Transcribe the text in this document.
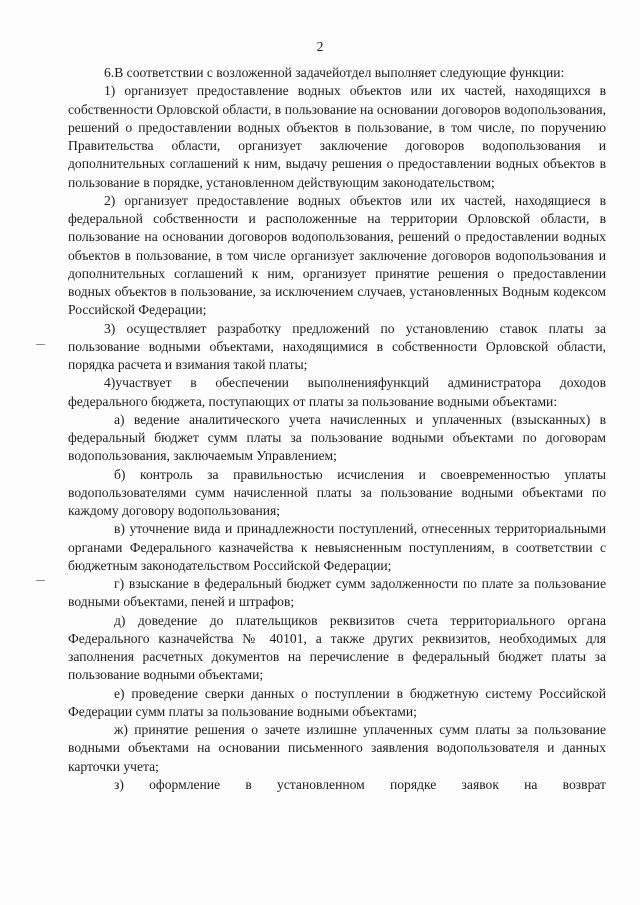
2

6.В соответствии с возложенной задачейотдел выполняет следующие функции:

1) организует предоставление водных объектов или их частей, находящихся в собственности Орловской области, в пользование на основании договоров водопользования, решений о предоставлении водных объектов в пользование, в том числе, по поручению Правительства области, организует заключение договоров водопользования и дополнительных соглашений к ним, выдачу решения о предоставлении водных объектов в пользование в порядке, установленном действующим законодательством;

2) организует предоставление водных объектов или их частей, находящиеся в федеральной собственности и расположенные на территории Орловской области, в пользование на основании договоров водопользования, решений о предоставлении водных объектов в пользование, в том числе организует заключение договоров водопользования и дополнительных соглашений к ним, организует принятие решения о предоставлении водных объектов в пользование, за исключением случаев, установленных Водным кодексом Российской Федерации;

3) осуществляет разработку предложений по установлению ставок платы за пользование водными объектами, находящимися в собственности Орловской области, порядка расчета и взимания такой платы;

4)участвует в обеспечении выполненияфункций администратора доходов федерального бюджета, поступающих от платы за пользование водными объектами:

а) ведение аналитического учета начисленных и уплаченных (взысканных) в федеральный бюджет сумм платы за пользование водными объектами по договорам водопользования, заключаемым Управлением;

б) контроль за правильностью исчисления и своевременностью уплаты водопользователями сумм начисленной платы за пользование водными объектами по каждому договору водопользования;

в) уточнение вида и принадлежности поступлений, отнесенных территориальными органами Федерального казначейства к невыясненным поступлениям, в соответствии с бюджетным законодательством Российской Федерации;

г) взыскание в федеральный бюджет сумм задолженности по плате за пользование водными объектами, пеней и штрафов;

д) доведение до плательщиков реквизитов счета территориального органа Федерального казначейства № 40101, а также других реквизитов, необходимых для заполнения расчетных документов на перечисление в федеральный бюджет платы за пользование водными объектами;

е) проведение сверки данных о поступлении в бюджетную систему Российской Федерации сумм платы за пользование водными объектами;

ж) принятие решения о зачете излишне уплаченных сумм платы за пользование водными объектами на основании письменного заявления водопользователя и данных карточки учета;

з) оформление в установленном порядке заявок на возврат
